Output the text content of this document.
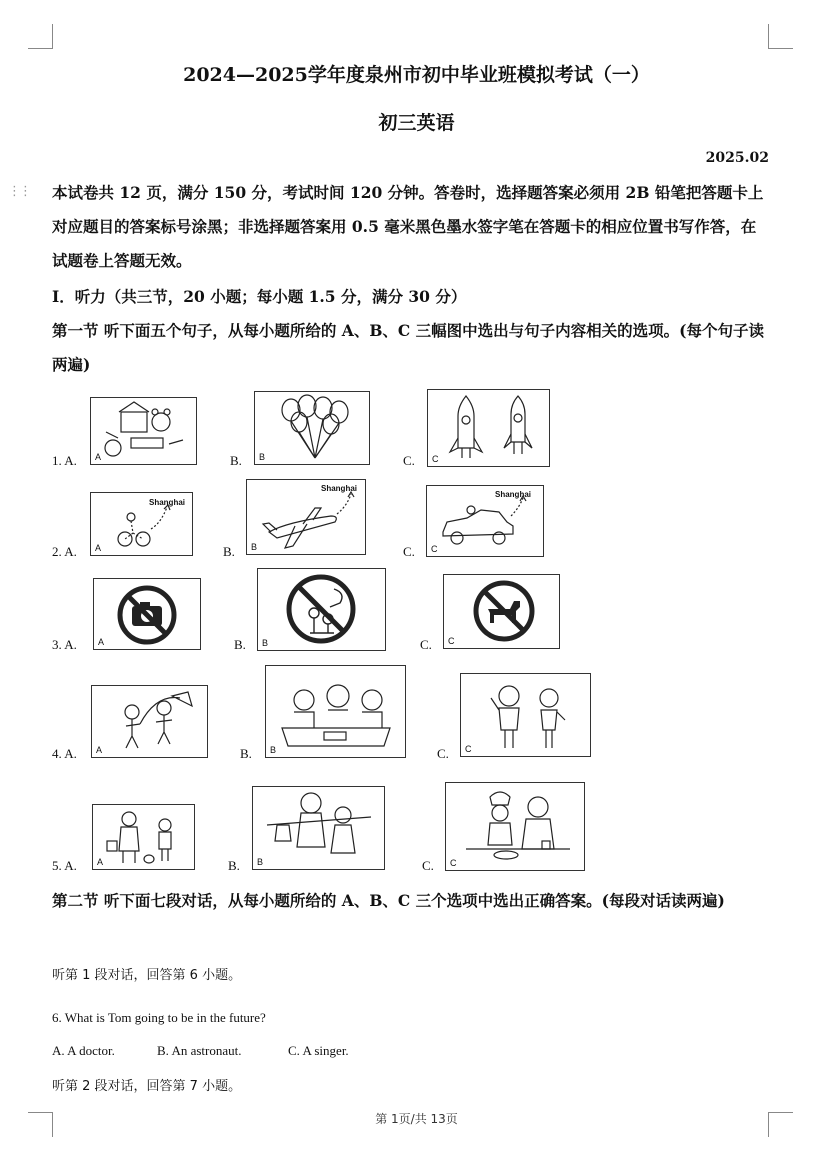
2024—2025学年度泉州市初中毕业班模拟考试（一）
初三英语
2025.02
⋮⋮ 本试卷共 12 页，满分 150 分，考试时间 120 分钟。答卷时，选择题答案必须用 2B 铅笔把答题卡上对应题目的答案标号涂黑；非选择题答案用 0.5 毫米黑色墨水签字笔在答题卡的相应位置书写作答，在试题卷上答题无效。
Ⅰ．听力（共三节，20 小题；每小题 1.5 分，满分 30 分）
第一节 听下面五个句子，从每小题所给的 A、B、C 三幅图中选出与句子内容相关的选项。(每个句子读两遍)
1. A. A	B. B	C. C
2. A.
Shanghai
A	B.
Shanghai
B	C.
Shanghai
C
3. A. A	B. B	C. C
4. A. A	B. B	C. C
5. A. A	B. B	C. C
第二节 听下面七段对话，从每小题所给的 A、B、C 三个选项中选出正确答案。(每段对话读两遍)
听第 1 段对话，回答第 6 小题。
6. What is Tom going to be in the future?
A. A doctor.	B. An astronaut.	C. A singer.
听第 2 段对话，回答第 7 小题。
第 1页/共 13页
